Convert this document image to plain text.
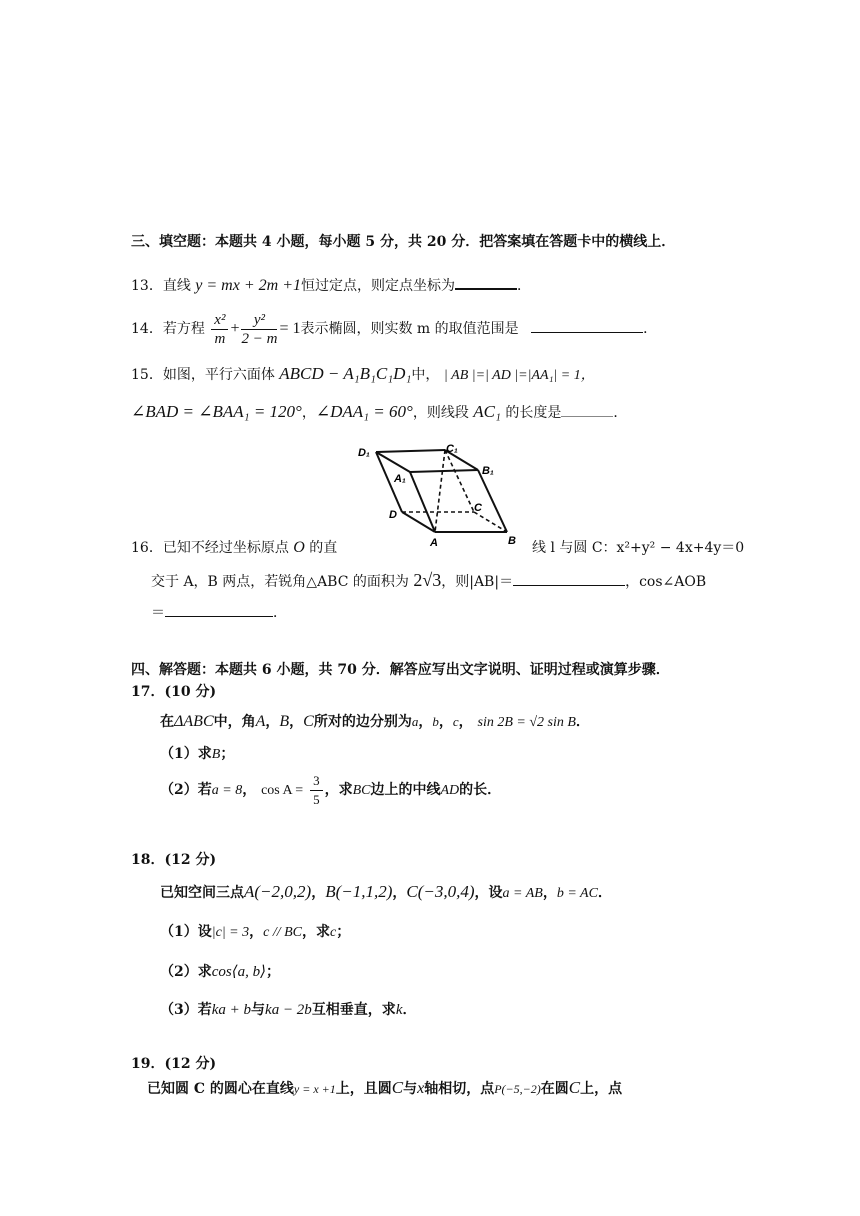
三、填空题：本题共 4 小题，每小题 5 分，共 20 分．把答案填在答题卡中的横线上．
13．直线 y = mx + 2m +1恒过定点，则定点坐标为	．
14．若方程 $\frac{\text{x²}}{m} + \frac{\text{y²}}{2 - m} = 1$表示椭圆，则实数 m 的取值范围是	．
15．如图，平行六面体 ABCD − A₁B₁C₁D₁中， | AB |=| AD |=|AA₁| = 1，
∠BAD = ∠BAA₁ = 120°，∠DAA₁ = 60°，则线段 AC₁ 的长度是	．
D₁	C₁
B₁
A₁
D
C
A	B
16．已知不经过坐标原点 O 的直	线 l 与圆 C：x²+y² − 4x+4y＝0
交于 A，B 两点，若锐角△ABC 的面积为 2√3，则|AB|＝	，cos∠AOB
＝	．
四、解答题：本题共 6 小题，共 70 分．解答应写出文字说明、证明过程或演算步骤．
17．(10 分)
在ΔABC中，角A，B，C所对的边分别为a，b，c， sin 2B = √2 sin B．
（1）求B；
（2）若a = 8， $\cos A = \frac{3}{5}$ ，求BC边上的中线AD的长．
18．(12 分)
已知空间三点A(−2,0,2)，B(−1,1,2)，C(−3,0,4)，设a = AB，b = AC．
（1）设|c| = 3，c // BC，求c；
（2）求cos⟨a, b⟩；
（3）若ka + b与ka − 2b互相垂直，求k．
19．(12 分)
已知圆 C 的圆心在直线y = x +1上，且圆C与x轴相切，点P(−5,−2)在圆C上，点
